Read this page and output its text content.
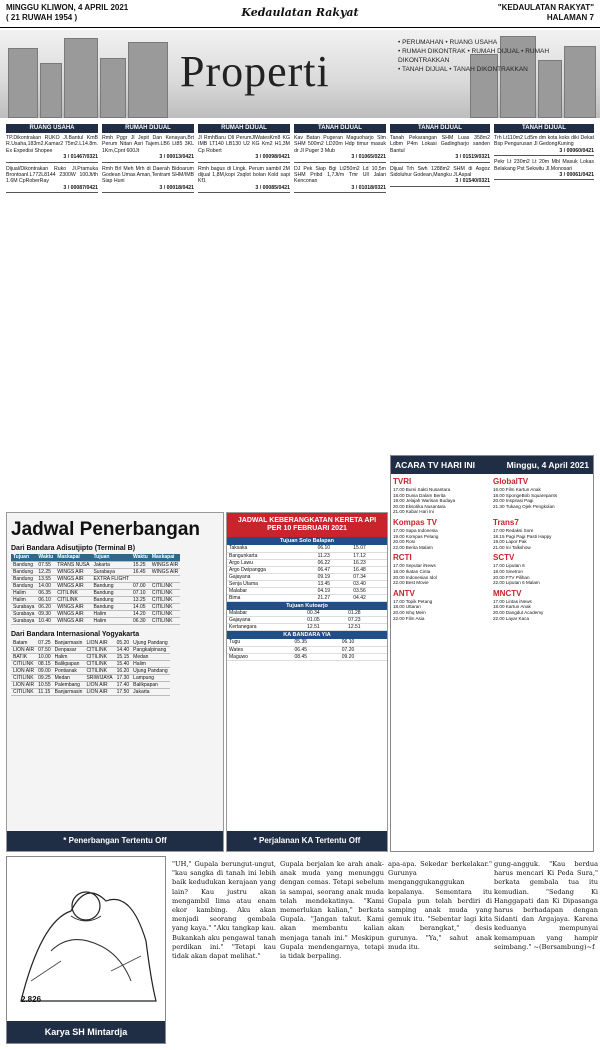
MINGGU KLIWON, 4 APRIL 2021
( 21 RUWAH 1954 )	Kedaulatan Rakyat	"KEDAULATAN RAKYAT"
HALAMAN 7
Properti
• PERUMAHAN • RUANG USAHA
• RUMAH DIKONTRAK • RUMAH DIJUAL • RUMAH DIKONTRAKKAN
• TANAH DIJUAL • TANAH DIKONTRAKKAN
RUANG USAHA
TP.Dikontrakan RUKO Jl.Bantul KmB R.Usaha,183m2.Kamar2 75m2.L14.8m. Ex Expedisi Shopee
3 / 01467/0321
Dijual/Dikontrakan Ruko Jl.Pramuka Brontoanl.L772L8144 2300W 100Jt/th 1.6M CpRoberRay
3 / 00087/0421
RUMAH DIJUAL
Rmh Pggr Jl Jepit Dan Kenayan,Brt Perum Nitan Asri Tajem.LB6 Lt85 3KL 1Km,Cpnt 600Jt
3 / 00013/0421
Rmh Brl Meh Mrh di Daerah Bidoarum Godean Umas Aman,Tentram SHM/IMB Siap Huni
3 / 00018/0421
RUMAH DIJUAL
Jl RmhBaru Dll PerumJlWatesKm8 KG IMB LT140 LB130 U2 KG Km2 H1,3M Cp Robert
3 / 00098/0421
Rmh bagus di Lingk. Perum sambil 2M dijual 1,8M,kopi 2sqlot bolan Kold sapi Kf1
3 / 00085/0421
TANAH DIJUAL
Kav Batan Pugeran Maguoharjo Slm SHM 500m2 LD20m Hdp timur masuk dr Jl Puger 3 Mub
3 / 01065/0221
DJ Pek Siap Bgi Lt250m2 Ld 10,5m SHM Pribd 1,7Jt/m Tmr Ull Jalan Kenconan
3 / 01018/0321
TANAH DIJUAL
Tanah Pekarangan SHM Luas 358m2 Ldbm P4m Lokasi Gadingharjo sanden Bantul
3 / 01519/0321
Dijual Trh Swh 1288m2 SHM di Asgoz Sidoluhur Godean,Mangku Jl.Aspal
3 / 01540/0321
TANAH DIJUAL
Trh Lt110m2 Ld5m dm kota koks diki Dekat Bsp Pengurusan Jl GedongKuning
3 / 00060/0421
Pekr Lt 230m2 Lt 20m Mbl Masuk Lokas Belakang Pst Sekwitu Jl.Monosari
3 / 00061/0421
Jadwal Penerbangan
Dari Bandara Adisutjipto (Terminal B)
Tujuan	Waktu	Maskapai	Tujuan	Waktu	Maskapai
Bandung	07.55	TRANS NUSA	Jakarta	15.25	WINGS AIR
Bandung	12.25	WINGS AIR	Surabaya	16.45	WINGS AIR
Bandung	13.55	WINGS AIR	EXTRA FLIGHT		
Bandung	14.00	WINGS AIR	Bandung	07.00	CITILINK
Halim	06.35	CITILINK	Bandung	07.10	CITILINK
Halim	06.10	CITILINK	Bandung	13.25	CITILINK
Surabaya	06.20	WINGS AIR	Bandung	14.05	CITILINK
Surabaya	09.30	WINGS AIR	Halim	14.20	CITILINK
Surabaya	10.40	WINGS AIR	Halim	06.30	CITILINK
Dari Bandara Internasional Yogyakarta
Batam	07.25	Banjarmasin	LION AIR	05.20	Ujung Pandang
LION AIR	07.50	Denpasar	CITILINK	14.40	Pangkalpinang
BATIK	10.00	Halim	CITILINK	15.15	Medan
CITILINK	08.15	Balikpapan	CITILINK	15.40	Halim
LION AIR	09.00	Pontianak	CITILINK	16.20	Ujung Pandang
CITILINK	09.25	Medan	SRIWIJAYA	17.30	Lampung
LION AIR	10.55	Palembang	LION AIR	17.40	Balikpapan
CITILINK	11.15	Banjarmasin	LION AIR	17.50	Jakarta
* Penerbangan Tertentu Off
JADWAL KEBERANGKATAN KERETA API
PER 10 FEBRUARI 2021
Tujuan Solo Balapan
Taksaka	06.10	15.07
Bangunkarta	11.23	17.12
Argo Lawu	06.22	16.23
Argo Dwipangga	06.47	16.48
Gajayana	09.19	07.34
Senja Utama	13.45	03.40
Malabar	04.19	03.56
Bima	21.27	04.42
Tujuan Kutoarjo
Malabar	00.34	01.28
Gajayana	01.05	07.23
Kertanegara	12.51	12.51
KA BANDARA YIA
Tugu	05.35	06.10
Wates	06.45	07.20
Maguwo	08.45	09.20
* Perjalanan KA Tertentu Off
ACARA TV HARI INI	Minggu, 4 April 2021
TVRI
17.00 Bumi Sakti Nusantara
18.00 Dunia Dalam Berita
19.00 Jelajah Warisan Budaya
20.00 Eksotika Nusantara
21.00 Kabar Hari Ini
GlobalTV
16.00 Film Kartun Anak
18.00 SpongeBob Squarepants
20.00 Inspirasi Pagi
21.30 Tukang Ojek Pengkolan
Kompas TV
17.00 Sapa Indonesia
19.00 Kompas Petang
20.00 Rosi
22.00 Berita Malam
Trans7
17.00 Redaksi Sore
18.15 Pagi Pagi Pasti Happy
19.00 Lapor Pak
21.00 Ini Talkshow
RCTI
17.00 Seputar iNews
18.00 Ikatan Cinta
20.00 Indonesian Idol
22.00 Best Movie
SCTV
17.00 Liputan 6
18.00 Sinetron
20.00 FTV Pilihan
22.00 Liputan 6 Malam
ANTV
17.00 Topik Petang
18.00 Uttaran
20.00 Ishq Mein
22.00 Film Asia
MNCTV
17.00 Lintas iNews
18.00 Kartun Anak
20.00 Dangdut Academy
22.00 Layar Kaca
2.826
Karya SH Mintardja
"UH," Gupala berungut-ungut, "kau sangka di tanah ini lebih baik kedudukan kerajaan yang lain? Kau justru akan mengambil lima atau enam ekor kambing. Aku akan menjadi seorang gembala yang kaya." "Aku tangkap kau. Bukankah aku pengawal tanah perdikan ini." "Tetapi kau tidak akan dapat melihat."
Gupala berjalan ke arah anak-anak muda yang menunggu dengan cemas. Tetapi sebelum ia sampai, seorang anak muda telah mendekatinya. "Kami memerlukan kalian," berkata Gupala. "Jangan takut. Kami akan membantu kalian menjaga tanah ini." Meskipun Gupala mendengarnya, tetapi ia tidak berpaling.
apa-apa. Sekedar berkelakar." Gurunya menganggukanggukan kepalanya. Sementara itu Gupala pun telah berdiri di samping anak muda yang gemuk itu. "Sebentar lagi kita akan berangkat," desis gurunya. "Ya," sahut anak muda itu.
gung-angguk. "Kau berdua harus mencari Ki Peda Sura," berkata gembala tua itu kemudian. "Sedang Ki Hanggapati dan Ki Dipasanga harus berhadapan dengan Sidanti dan Argajaya. Karena keduanya mempunyai kemampuan yang hampir seimbang." ~(Bersambung)~f
